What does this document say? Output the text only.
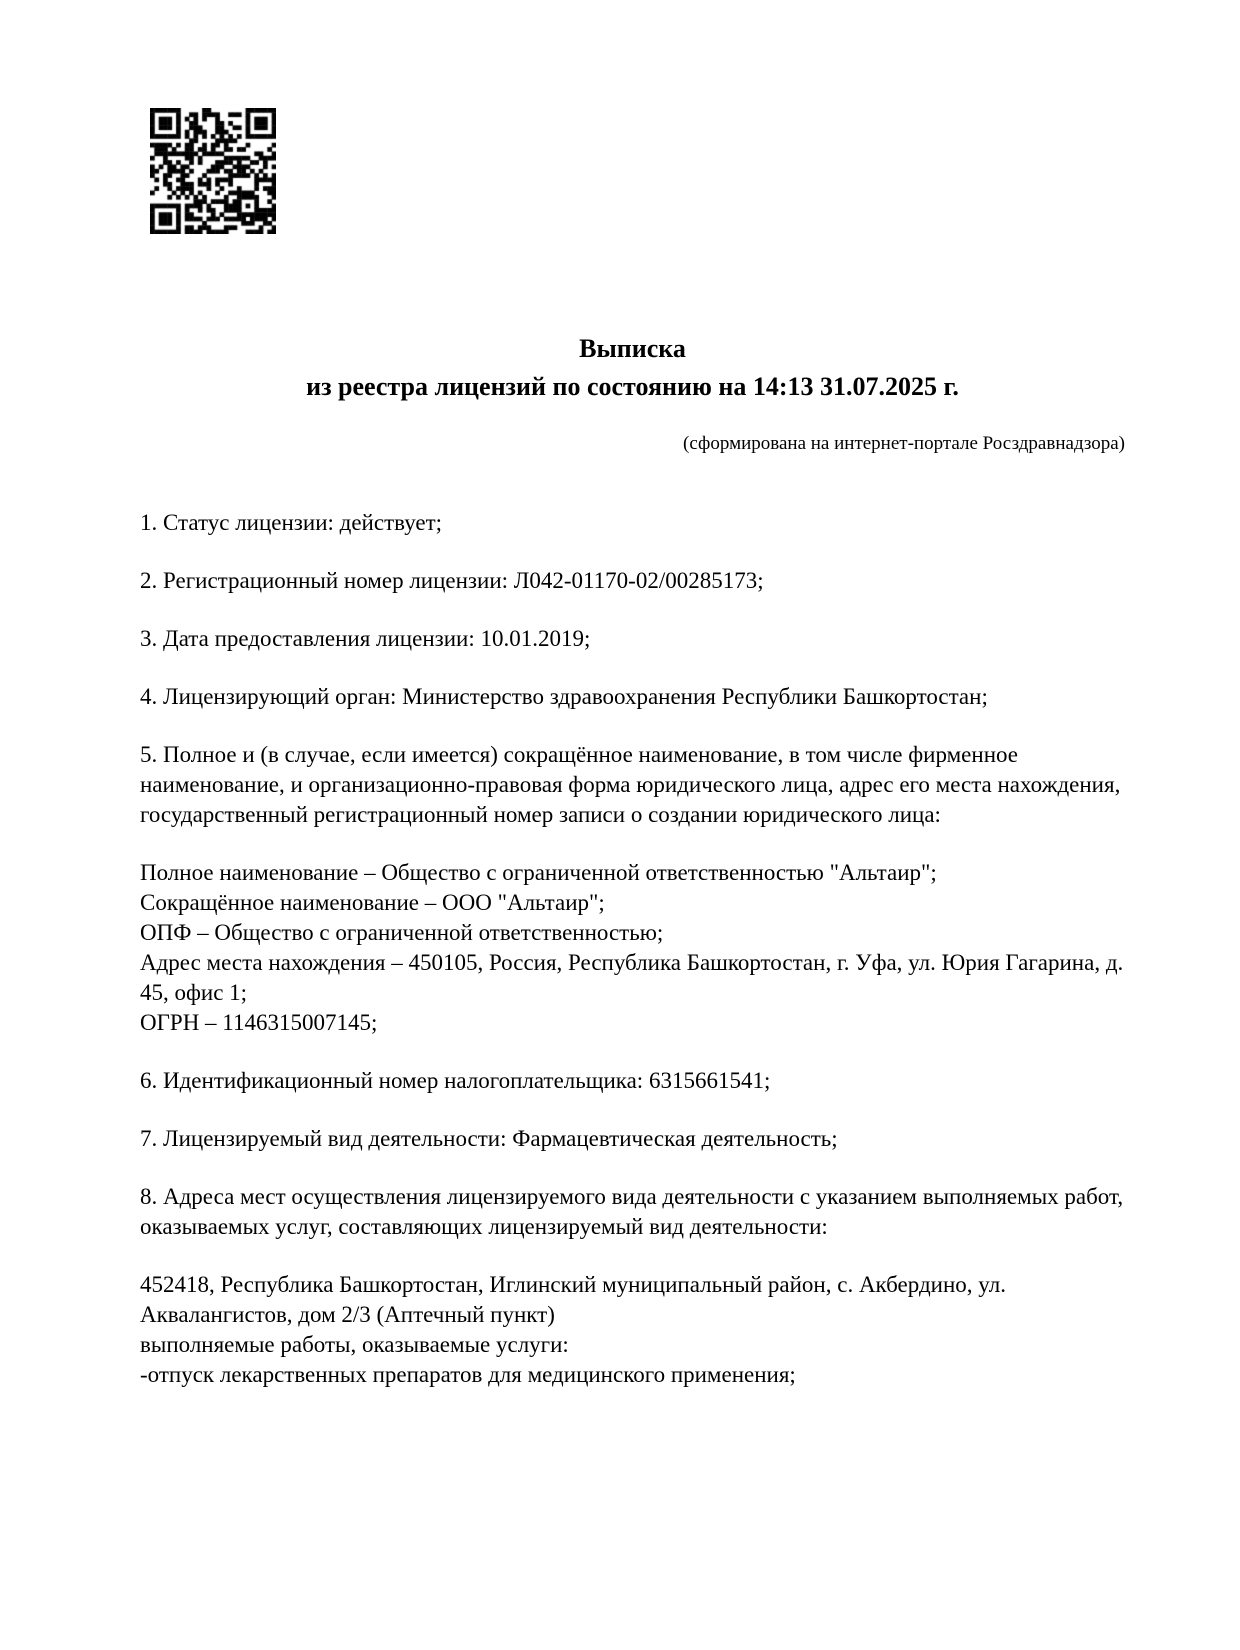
Выписка
из реестра лицензий по состоянию на 14:13 31.07.2025 г.
(сформирована на интернет-портале Росздравнадзора)

1. Статус лицензии: действует;

2. Регистрационный номер лицензии: Л042-01170-02/00285173;

3. Дата предоставления лицензии: 10.01.2019;

4. Лицензирующий орган: Министерство здравоохранения Республики Башкортостан;

5. Полное и (в случае, если имеется) сокращённое наименование, в том числе фирменное наименование, и организационно-правовая форма юридического лица, адрес его места нахождения, государственный регистрационный номер записи о создании юридического лица:

Полное наименование – Общество с ограниченной ответственностью "Альтаир";
Сокращённое наименование – ООО "Альтаир";
ОПФ – Общество с ограниченной ответственностью;
Адрес места нахождения – 450105, Россия, Республика Башкортостан, г. Уфа, ул. Юрия Гагарина, д. 45, офис 1;
ОГРН – 1146315007145;

6. Идентификационный номер налогоплательщика: 6315661541;

7. Лицензируемый вид деятельности: Фармацевтическая деятельность;

8. Адреса мест осуществления лицензируемого вида деятельности с указанием выполняемых работ, оказываемых услуг, составляющих лицензируемый вид деятельности:

452418, Республика Башкортостан, Иглинский муниципальный район, с. Акбердино, ул. Аквалангистов, дом 2/3 (Аптечный пункт)
выполняемые работы, оказываемые услуги:
-отпуск лекарственных препаратов для медицинского применения;
